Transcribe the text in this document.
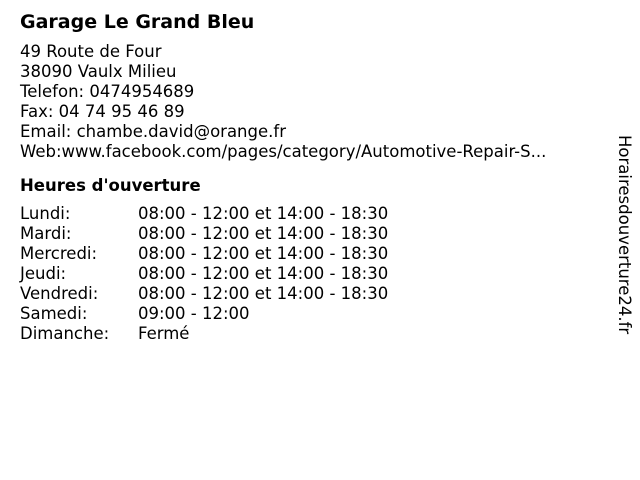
Garage Le Grand Bleu
49 Route de Four
38090 Vaulx Milieu
Telefon: 0474954689
Fax: 04 74 95 46 89
Email: chambe.david@orange.fr
Web: www.facebook.com/pages/category/Automotive-Repair-S...
Heures d'ouverture
Lundi:	08:00 - 12:00 et 14:00 - 18:30
Mardi:	08:00 - 12:00 et 14:00 - 18:30
Mercredi:	08:00 - 12:00 et 14:00 - 18:30
Jeudi:	08:00 - 12:00 et 14:00 - 18:30
Vendredi:	08:00 - 12:00 et 14:00 - 18:30
Samedi:	09:00 - 12:00
Dimanche:	Fermé	Horairesdouverture24.fr
